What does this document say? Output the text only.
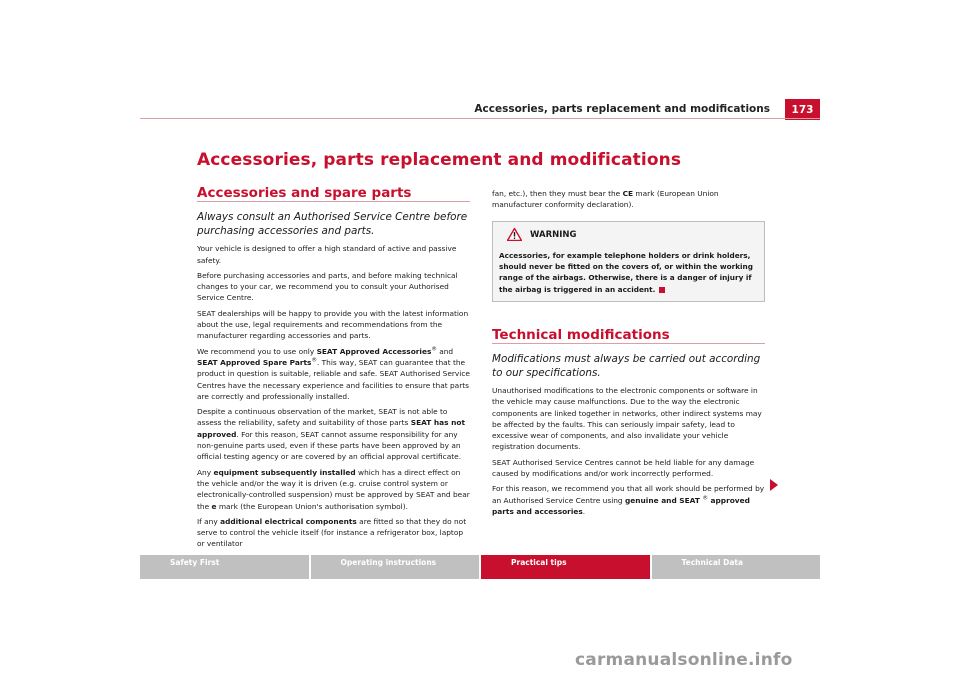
Accessories, parts replacement and modifications	173
Accessories, parts replacement and modifications
Accessories and spare parts
Always consult an Authorised Service Centre before purchasing accessories and parts.

Your vehicle is designed to offer a high standard of active and passive safety.

Before purchasing accessories and parts, and before making technical changes to your car, we recommend you to consult your Authorised Service Centre.

SEAT dealerships will be happy to provide you with the latest information about the use, legal requirements and recommendations from the manufacturer regarding accessories and parts.

We recommend you to use only SEAT Approved Accessories® and SEAT Approved Spare Parts®. This way, SEAT can guarantee that the product in question is suitable, reliable and safe. SEAT Authorised Service Centres have the necessary experience and facilities to ensure that parts are correctly and professionally installed.

Despite a continuous observation of the market, SEAT is not able to assess the reliability, safety and suitability of those parts SEAT has not approved. For this reason, SEAT cannot assume responsibility for any non-genuine parts used, even if these parts have been approved by an official testing agency or are covered by an official approval certificate.

Any equipment subsequently installed which has a direct effect on the vehicle and/or the way it is driven (e.g. cruise control system or electronically-controlled suspension) must be approved by SEAT and bear the e mark (the European Union's authorisation symbol).

If any additional electrical components are fitted so that they do not serve to control the vehicle itself (for instance a refrigerator box, laptop or ventilator

fan, etc.), then they must bear the CE mark (European Union manufacturer conformity declaration).

WARNING
Accessories, for example telephone holders or drink holders, should never be fitted on the covers of, or within the working range of the airbags. Otherwise, there is a danger of injury if the airbag is triggered in an accident.
Technical modifications
Modifications must always be carried out according to our specifications.

Unauthorised modifications to the electronic components or software in the vehicle may cause malfunctions. Due to the way the electronic components are linked together in networks, other indirect systems may be affected by the faults. This can seriously impair safety, lead to excessive wear of components, and also invalidate your vehicle registration documents.

SEAT Authorised Service Centres cannot be held liable for any damage caused by modifications and/or work incorrectly performed.

For this reason, we recommend you that all work should be performed by an Authorised Service Centre using genuine and SEAT ® approved parts and accessories.

Safety First	Operating instructions	Practical tips	Technical Data
carmanualsonline.info
